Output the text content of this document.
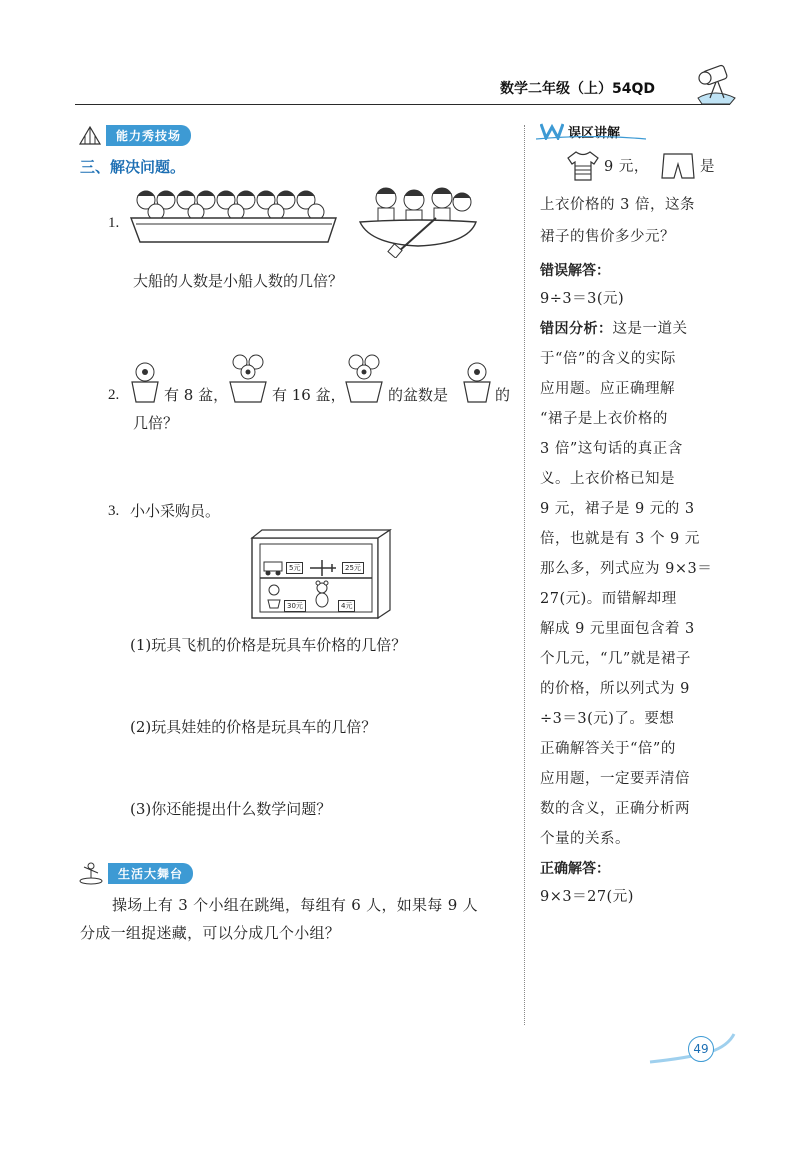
数学二年级（上）54QD
能力秀技场
三、解决问题。
1.
大船的人数是小船人数的几倍？
2.	有 8 盆，	有 16 盆，	的盆数是	的
几倍？
3. 小小采购员。
5元	25元
30元	4元
(1)玩具飞机的价格是玩具车价格的几倍？
(2)玩具娃娃的价格是玩具车的几倍？
(3)你还能提出什么数学问题？
生活大舞台
操场上有 3 个小组在跳绳，每组有 6 人，如果每 9 人
分成一组捉迷藏，可以分成几个小组？
误区讲解
9 元，	是
上衣价格的 3 倍，这条
裙子的售价多少元？
错误解答：
9÷3＝3(元)
错因分析：这是一道关
于“倍”的含义的实际
应用题。应正确理解
“裙子是上衣价格的
3 倍”这句话的真正含
义。上衣价格已知是
9 元，裙子是 9 元的 3
倍，也就是有 3 个 9 元
那么多，列式应为 9×3＝
27(元)。而错解却理
解成 9 元里面包含着 3
个几元，“几”就是裙子
的价格，所以列式为 9
÷3＝3(元)了。要想
正确解答关于“倍”的
应用题，一定要弄清倍
数的含义，正确分析两
个量的关系。
正确解答：
9×3＝27(元)
49
